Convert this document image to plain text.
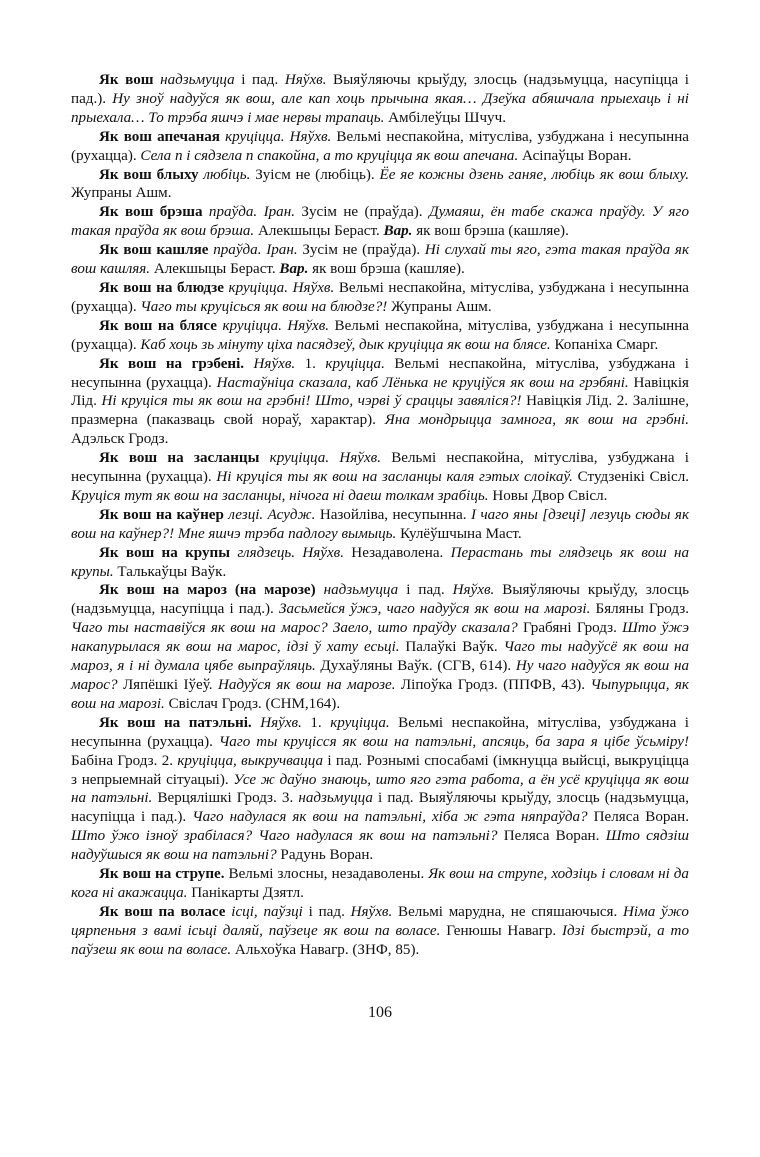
Як вош надзьмуцца і пад. Няўхв. Выяўляючы крыўду, злосць (надзьмуцца, насупіцца і пад.). Ну зноў надуўся як вош, але кап хоць прычына якая… Дзеўка абяшчала прыехаць і ні прыехала… То трэба яшчэ і мае нервы трапаць. Амбілеўцы Шчуч.

Як вош апечаная круціцца. Няўхв. Вельмі неспакойна, мітусліва, узбуджана і несупынна (рухацца). Села п і сядзела п спакойна, а то круціцца як вош апечана. Асіпаўцы Воран.

Як вош блыху любіць. Зуісм не (любіць). Ёе яе кожны дзень ганяе, любіць як вош блыху. Жупраны Ашм.

Як вош брэша праўда. Іран. Зусім не (праўда). Думаяш, ён табе скажа праўду. У яго такая праўда як вош брэша. Алекшыцы Бераст. Вар. як вош брэша (кашляе).

Як вош кашляе праўда. Іран. Зусім не (праўда). Ні слухай ты яго, гэта такая праўда як вош кашляя. Алекшыцы Бераст. Вар. як вош брэша (кашляе).

Як вош на блюдзе круціцца. Няўхв. Вельмі неспакойна, мітусліва, узбуджана і несупынна (рухацца). Чаго ты круцісься як вош на блюдзе?! Жупраны Ашм.

Як вош на блясе круціцца. Няўхв. Вельмі неспакойна, мітусліва, узбуджана і несупынна (рухацца). Каб хоць зь мінуту ціха пасядзеў, дык круціцца як вош на блясе. Копаніха Смарг.

Як вош на грэбені. Няўхв. 1. круціцца. Вельмі неспакойна, мітусліва, узбуджана і несупынна (рухацца). Настаўніца сказала, каб Лёнька не круціўся як вош на грэбяні. Навіцкія Лід. Ні круціся ты як вош на грэбні! Што, чэрві ў сраццы завяліся?! Навіцкія Лід. 2. Залішне, празмерна (паказваць свой нораў, характар). Яна мондрыцца замнога, як вош на грэбні. Адэльск Гродз.

Як вош на засланцы круціцца. Няўхв. Вельмі неспакойна, мітусліва, узбуджана і несупынна (рухацца). Ні круціся ты як вош на засланцы каля гэтых слоікаў. Студзенікі Свісл. Круціся тут як вош на засланцы, нічога ні даеш толкам зрабіць. Новы Двор Свісл.

Як вош на каўнер лезці. Асудж. Назойліва, несупынна. І чаго яны [дзеці] лезуць сюды як вош на каўнер?! Мне яшчэ трэба падлогу вымыць. Кулёўшчына Маст.

Як вош на крупы глядзець. Няўхв. Незадаволена. Перастань ты глядзець як вош на крупы. Талькаўцы Ваўк.

Як вош на мароз (на марозе) надзьмуцца і пад. Няўхв. Выяўляючы крыўду, злосць (надзьмуцца, насупіцца і пад.). Засьмейся ўжэ, чаго надуўся як вош на марозі. Бяляны Гродз. Чаго ты наставіўся як вош на марос? Заело, што праўду сказала? Грабяні Гродз. Што ўжэ накапурылася як вош на марос, ідзі ў хату есьці. Палаўкі Ваўк. Чаго ты надуўсё як вош на мароз, я і ні думала цябе выпраўляць. Духаўляны Ваўк. (СГВ, 614). Ну чаго надуўся як вош на марос? Ляпёшкі Іўеў. Надуўся як вош на марозе. Ліпоўка Гродз. (ППФВ, 43). Чыпурыцца, як вош на марозі. Свіслач Гродз. (СНМ,164).

Як вош на патэльні. Няўхв. 1. круціцца. Вельмі неспакойна, мітусліва, узбуджана і несупынна (рухацца). Чаго ты круцісся як вош на патэльні, апсяць, ба зара я цібе ўсьміру! Бабіна Гродз. 2. круціцца, выкручвацца і пад. Рознымі спосабамі (імкнуцца выйсці, выкруціцца з непрыемнай сітуацыі). Усе ж даўно знаюць, што яго гэта работа, а ён усё круціцца як вош на патэльні. Верцялішкі Гродз. 3. надзьмуцца і пад. Выяўляючы крыўду, злосць (надзьмуцца, насупіцца і пад.). Чаго надулася як вош на патэльні, хіба ж гэта няпраўда? Пеляса Воран. Што ўжо ізноў зрабілася? Чаго надулася як вош на патэльні? Пеляса Воран. Што сядзіш надуўшыся як вош на патэльні? Радунь Воран.

Як вош на струпе. Вельмі злосны, незадаволены. Як вош на струпе, ходзіць і словам ні да кога ні акажацца. Панікарты Дзятл.

Як вош па воласе ісці, паўзці і пад. Няўхв. Вельмі марудна, не спяшаючыся. Німа ўжо цярпеньня з вамі ісьці даляй, паўзеце як вош па воласе. Генюшы Навагр. Ідзі быстрэй, а то паўзеш як вош па воласе. Альхоўка Навагр. (ЗНФ, 85).

106
